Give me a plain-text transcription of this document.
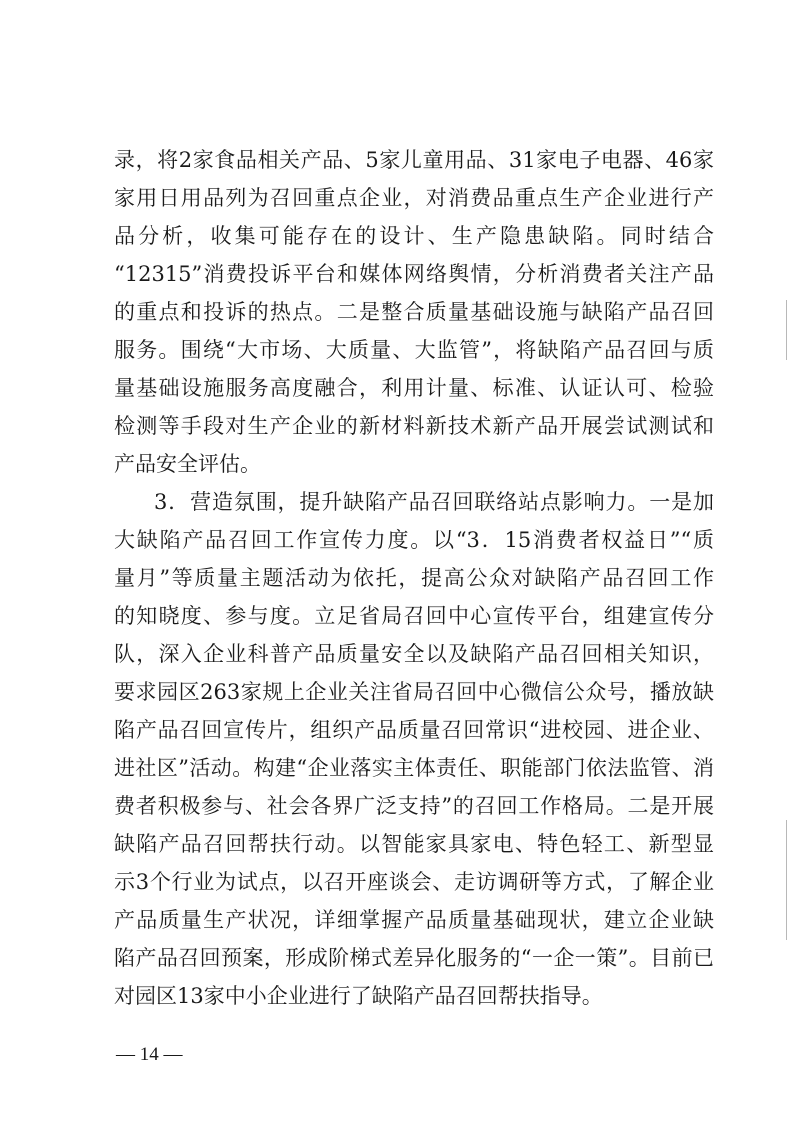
录，将2家食品相关产品、5家儿童用品、31家电子电器、46家
家用日用品列为召回重点企业，对消费品重点生产企业进行产
品分析，收集可能存在的设计、生产隐患缺陷。同时结合
“12315”消费投诉平台和媒体网络舆情，分析消费者关注产品
的重点和投诉的热点。二是整合质量基础设施与缺陷产品召回
服务。围绕“大市场、大质量、大监管”，将缺陷产品召回与质
量基础设施服务高度融合，利用计量、标准、认证认可、检验
检测等手段对生产企业的新材料新技术新产品开展尝试测试和
产品安全评估。
3．营造氛围，提升缺陷产品召回联络站点影响力。一是加
大缺陷产品召回工作宣传力度。以“3．15消费者权益日”“质
量月”等质量主题活动为依托，提高公众对缺陷产品召回工作
的知晓度、参与度。立足省局召回中心宣传平台，组建宣传分
队，深入企业科普产品质量安全以及缺陷产品召回相关知识，
要求园区263家规上企业关注省局召回中心微信公众号，播放缺
陷产品召回宣传片，组织产品质量召回常识“进校园、进企业、
进社区”活动。构建“企业落实主体责任、职能部门依法监管、消
费者积极参与、社会各界广泛支持”的召回工作格局。二是开展
缺陷产品召回帮扶行动。以智能家具家电、特色轻工、新型显
示3个行业为试点，以召开座谈会、走访调研等方式，了解企业
产品质量生产状况，详细掌握产品质量基础现状，建立企业缺
陷产品召回预案，形成阶梯式差异化服务的“一企一策”。目前已
对园区13家中小企业进行了缺陷产品召回帮扶指导。
— 14 —
